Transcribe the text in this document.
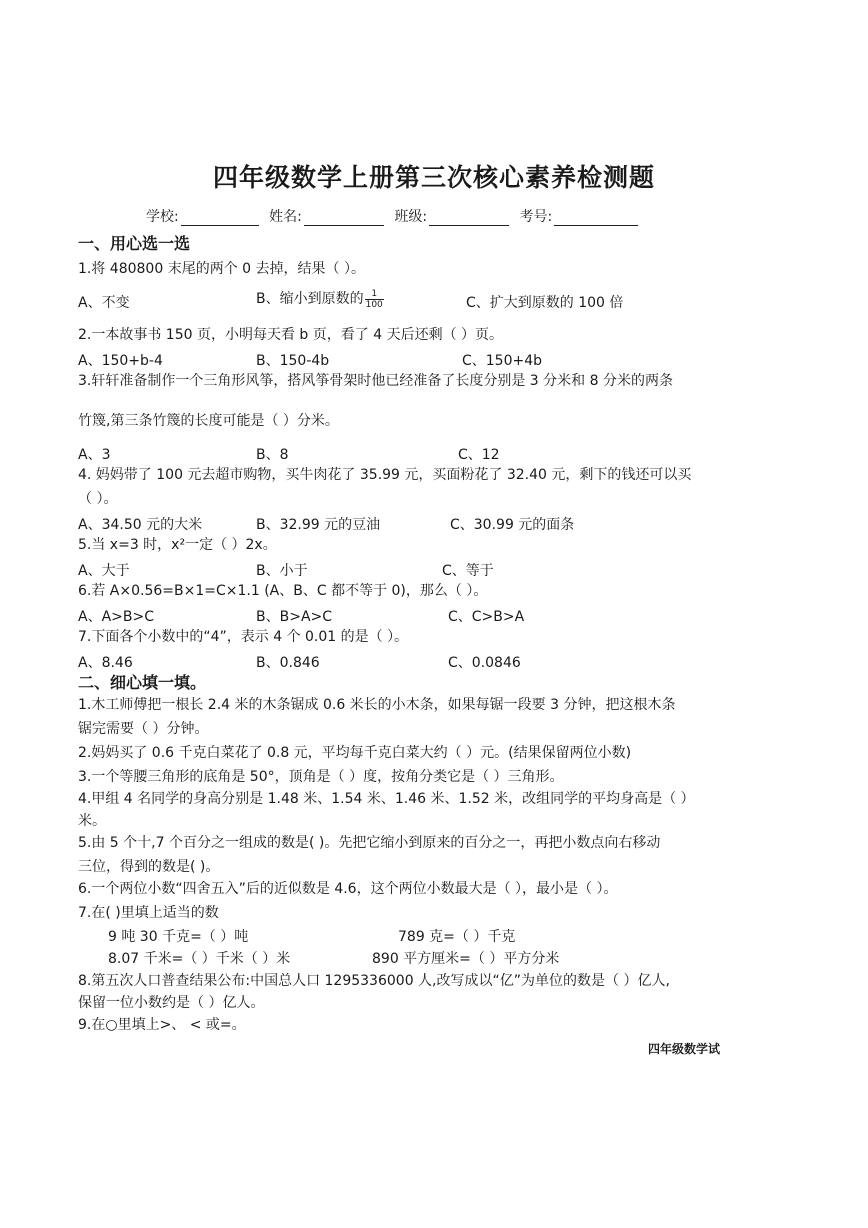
四年级数学上册第三次核心素养检测题
学校:	姓名:	班级:	考号:
一、用心选一选
1.将 480800 末尾的两个 0 去掉，结果（ ）。
A、不变	B、缩小到原数的 $\frac{1}{100}$	C、扩大到原数的 100 倍
2.一本故事书 150 页，小明每天看 b 页，看了 4 天后还剩（ ）页。
A、150+b-4	B、150-4b	C、150+4b
3.轩轩准备制作一个三角形风筝，搭风筝骨架时他已经准备了长度分别是 3 分米和 8 分米的两条
竹篾,第三条竹篾的长度可能是（ ）分米。
A、3	B、8	C、12
4. 妈妈带了 100 元去超市购物，买牛肉花了 35.99 元，买面粉花了 32.40 元，剩下的钱还可以买
（ ）。
A、34.50 元的大米	B、32.99 元的豆油	C、30.99 元的面条
5.当 x=3 时，x²一定（ ）2x。
A、大于	B、小于	C、等于
6.若 A×0.56=B×1=C×1.1 (A、B、C 都不等于 0)，那么（ ）。
A、A>B>C	B、B>A>C	C、C>B>A
7.下面各个小数中的“4”，表示 4 个 0.01 的是（ ）。
A、8.46	B、0.846	C、0.0846
二、细心填一填。
1.木工师傅把一根长 2.4 米的木条锯成 0.6 米长的小木条，如果每锯一段要 3 分钟，把这根木条
锯完需要（ ）分钟。
2.妈妈买了 0.6 千克白菜花了 0.8 元，平均每千克白菜大约（ ）元。(结果保留两位小数)
3.一个等腰三角形的底角是 50°，顶角是（ ）度，按角分类它是（ ）三角形。
4.甲组 4 名同学的身高分别是 1.48 米、1.54 米、1.46 米、1.52 米，改组同学的平均身高是（ ）
米。
5.由 5 个十,7 个百分之一组成的数是( )。先把它缩小到原来的百分之一，再把小数点向右移动
三位，得到的数是( )。
6.一个两位小数“四舍五入”后的近似数是 4.6，这个两位小数最大是（ ），最小是（ ）。
7.在( )里填上适当的数
9 吨 30 千克=（ ）吨	789 克=（ ）千克
8.07 千米=（ ）千米（ ）米	890 平方厘米=（ ）平方分米
8.第五次人口普查结果公布:中国总人口 1295336000 人,改写成以“亿”为单位的数是（ ）亿人,
保留一位小数约是（ ）亿人。
9.在○里填上>、 < 或=。
四年级数学试
